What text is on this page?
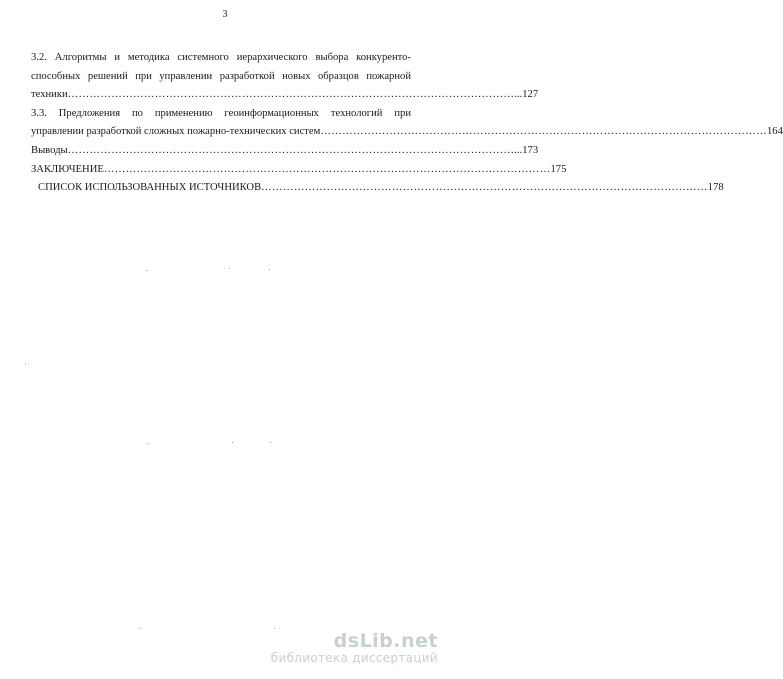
3
3.2. Алгоритмы и методика системного иерархического выбора конкуренто-
способных решений при управлении разработкой новых образцов пожарной
техники …………………………………………………………………………………………………………… ...127
3.3. Предложения по применению геоинформационных технологий при
управлении разработкой сложных пожарно-технических систем …………………………………………………………………………………………………………… 164
Выводы …………………………………………………………………………………………………………… ...173
ЗАКЛЮЧЕНИЕ …………………………………………………………………………………………………………… 175
СПИСОК ИСПОЛЬЗОВАННЫХ ИСТОЧНИКОВ …………………………………………………………………………………………………………… 178
dsLib.net
библиотека диссертаций
